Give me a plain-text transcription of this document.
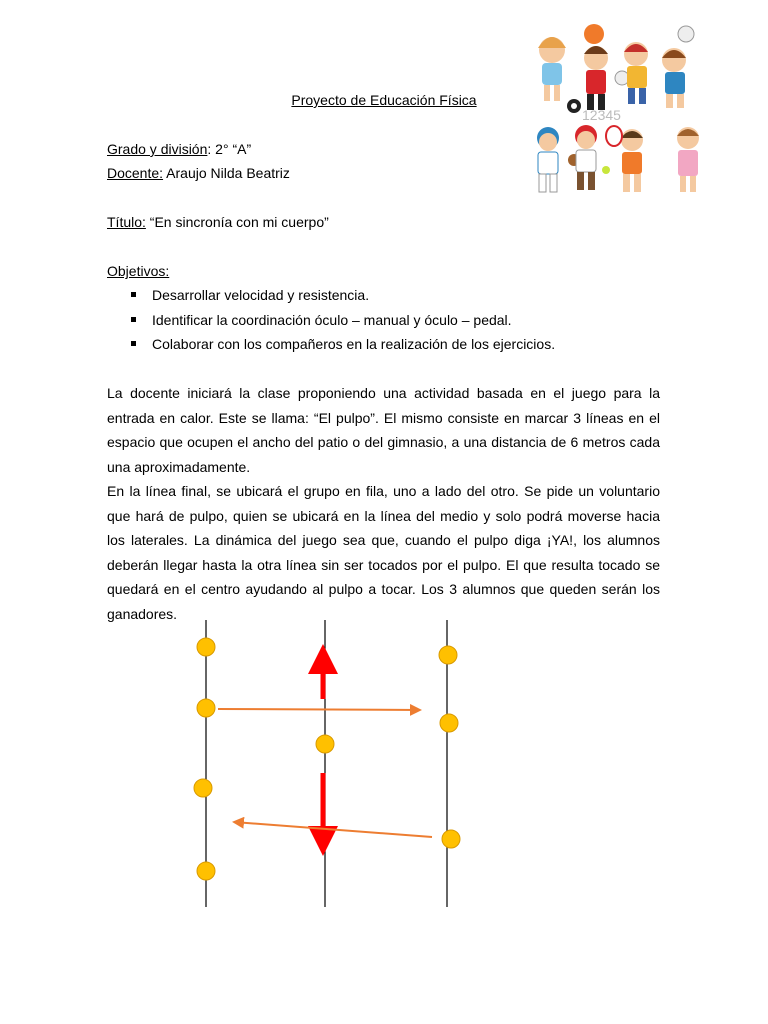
Proyecto de Educación Física
Grado y división: 2° “A”
Docente: Araujo Nilda Beatriz
Título: “En sincronía con mi cuerpo”
Objetivos:
Desarrollar velocidad y resistencia.
Identificar la coordinación óculo – manual y óculo – pedal.
Colaborar con los compañeros en la realización de los ejercicios.

La docente iniciará la clase proponiendo una actividad basada en el juego para la entrada en calor. Este se llama: “El pulpo”. El mismo consiste en marcar 3 líneas en el espacio que ocupen el ancho del patio o del gimnasio, a una distancia de 6 metros cada una aproximadamente.

En la línea final, se ubicará el grupo en fila, uno a lado del otro. Se pide un voluntario que hará de pulpo, quien se ubicará en la línea del medio y solo podrá moverse hacia los laterales. La dinámica del juego sea que, cuando el pulpo diga ¡YA!, los alumnos deberán llegar hasta la otra línea sin ser tocados por el pulpo. El que resulta tocado se quedará en el centro ayudando al pulpo a tocar. Los 3 alumnos que queden serán los ganadores.

12345
